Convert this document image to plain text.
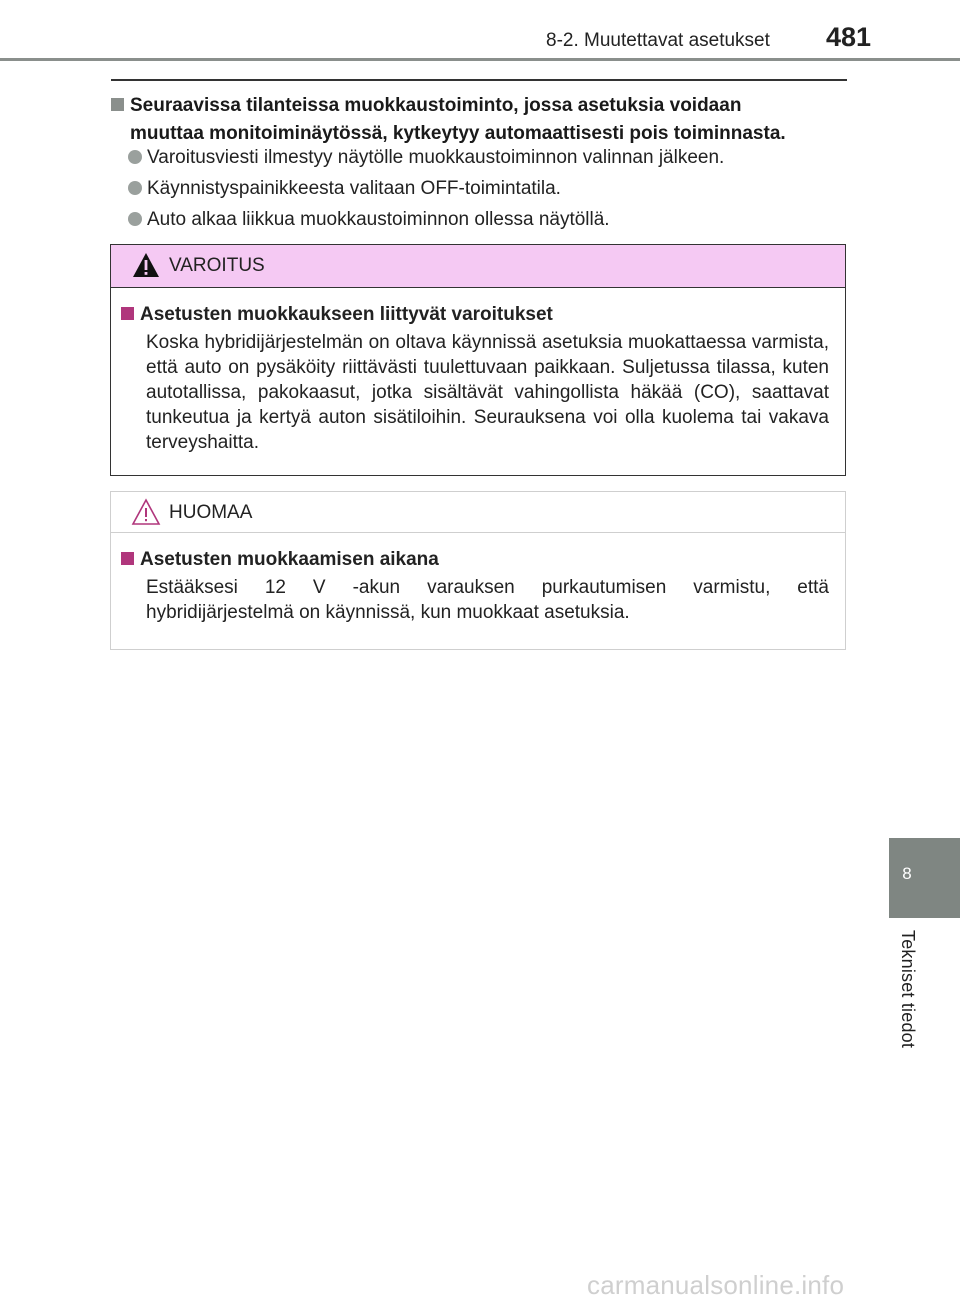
8-2. Muutettavat asetukset 481
Seuraavissa tilanteissa muokkaustoiminto, jossa asetuksia voidaan
muuttaa monitoiminäytössä, kytkeytyy automaattisesti pois toiminnasta.
Varoitusviesti ilmestyy näytölle muokkaustoiminnon valinnan jälkeen.
Käynnistyspainikkeesta valitaan OFF-toimintatila.
Auto alkaa liikkua muokkaustoiminnon ollessa näytöllä.
VAROITUS
Asetusten muokkaukseen liittyvät varoitukset
Koska hybridijärjestelmän on oltava käynnissä asetuksia muokattaessa varmista, että auto on pysäköity riittävästi tuulettuvaan paikkaan. Suljetussa tilassa, kuten autotallissa, pakokaasut, jotka sisältävät vahingollista häkää (CO), saattavat tunkeutua ja kertyä auton sisätiloihin. Seurauksena voi olla kuolema tai vakava terveyshaitta.
HUOMAA
Asetusten muokkaamisen aikana
Estääksesi 12 V -akun varauksen purkautumisen varmistu, että hybridijärjestelmä on käynnissä, kun muokkaat asetuksia.
8
Tekniset tiedot
carmanualsonline.info
